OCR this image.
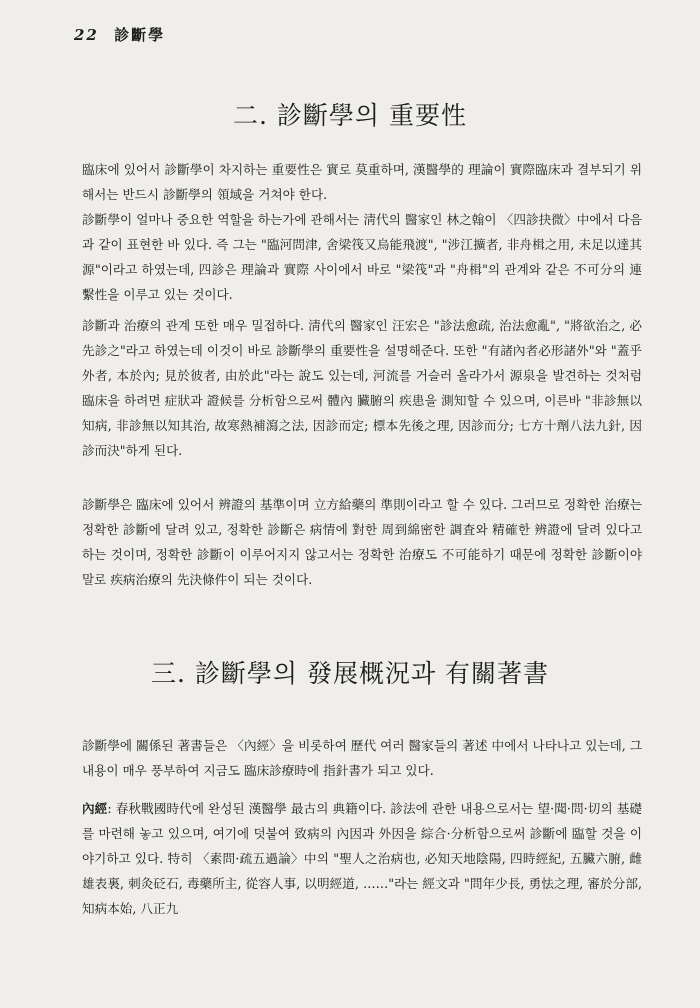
22 診斷學
二. 診斷學의 重要性

臨床에 있어서 診斷學이 차지하는 重要性은 實로 莫重하며, 漢醫學的 理論이 實際臨床과 결부되기 위해서는 반드시 診斷學의 領域을 거쳐야 한다.

診斷學이 얼마나 중요한 역할을 하는가에 관해서는 淸代의 醫家인 林之翰이 〈四診抉微〉中에서 다음과 같이 표현한 바 있다. 즉 그는 "臨河問津, 舍梁筏又烏能飛渡", "涉江擴者, 非舟楫之用, 未足以達其源"이라고 하였는데, 四診은 理論과 實際 사이에서 바로 "梁筏"과 "舟楫"의 관계와 같은 不可分의 連繫性을 이루고 있는 것이다.

診斷과 治療의 관계 또한 매우 밀접하다. 淸代의 醫家인 汪宏은 "診法愈疏, 治法愈亂", "將欲治之, 必先診之"라고 하였는데 이것이 바로 診斷學의 重要性을 설명해준다. 또한 "有諸內者必形諸外"와 "蓋乎外者, 本於內; 見於彼者, 由於此"라는 說도 있는데, 河流를 거슬러 올라가서 源泉을 발견하는 것처럼 臨床을 하려면 症狀과 證候를 分析함으로써 體內 臟腑의 疾患을 測知할 수 있으며, 이른바 "非診無以知病, 非診無以知其治, 故寒熱補瀉之法, 因診而定; 標本先後之理, 因診而分; 七方十劑八法九針, 因診而決"하게 된다.

診斷學은 臨床에 있어서 辨證의 基準이며 立方給藥의 準則이라고 할 수 있다. 그러므로 정확한 治療는 정확한 診斷에 달려 있고, 정확한 診斷은 病情에 對한 周到綿密한 調査와 精確한 辨證에 달려 있다고 하는 것이며, 정확한 診斷이 이루어지지 않고서는 정확한 治療도 不可能하기 때문에 정확한 診斷이야말로 疾病治療의 先決條件이 되는 것이다.

三. 診斷學의 發展概況과 有關著書

診斷學에 關係된 著書들은 〈內經〉을 비롯하여 歷代 여러 醫家들의 著述 中에서 나타나고 있는데, 그 내용이 매우 풍부하여 지금도 臨床診療時에 指針書가 되고 있다.

內經: 春秋戰國時代에 완성된 漢醫學 最古의 典籍이다. 診法에 관한 내용으로서는 望·聞·問·切의 基礎를 마련해 놓고 있으며, 여기에 덧붙여 致病의 內因과 外因을 綜合·分析함으로써 診斷에 臨할 것을 이야기하고 있다. 特히 〈素問·疏五過論〉中의 "聖人之治病也, 必知天地陰陽, 四時經紀, 五臟六腑, 雌雄表裏, 刺灸砭石, 毒藥所主, 從容人事, 以明經道, ……"라는 經文과 "問年少長, 勇怯之理, 審於分部, 知病本始, 八正九
